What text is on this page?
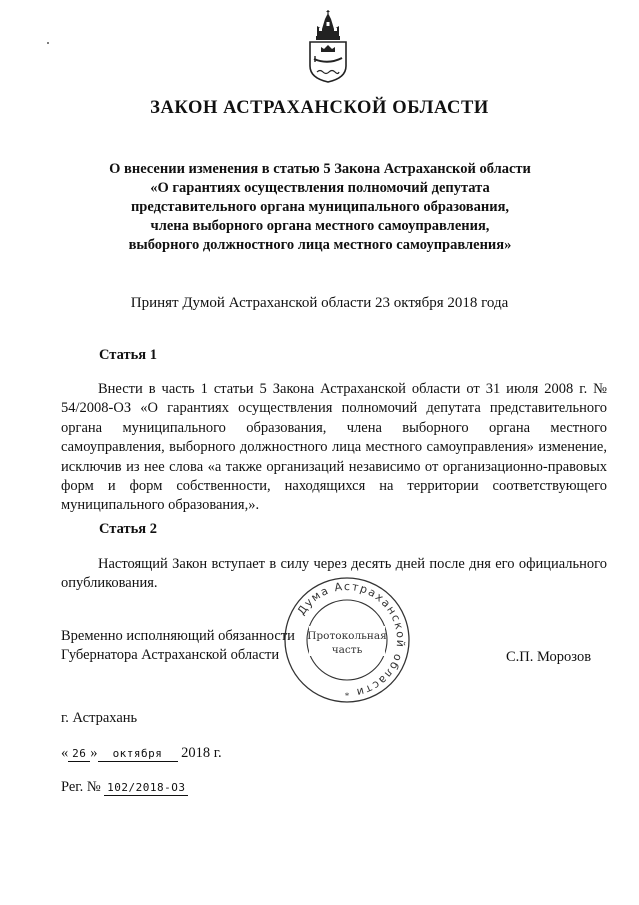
ЗАКОН АСТРАХАНСКОЙ ОБЛАСТИ
О внесении изменения в статью 5 Закона Астраханской области
«О гарантиях осуществления полномочий депутата
представительного органа муниципального образования,
члена выборного органа местного самоуправления,
выборного должностного лица местного самоуправления»
Принят Думой Астраханской области 23 октября 2018 года
Статья 1
Внести в часть 1 статьи 5 Закона Астраханской области от 31 июля 2008 г. № 54/2008-ОЗ «О гарантиях осуществления полномочий депутата представительного органа муниципального образования, члена выборного органа местного самоуправления, выборного должностного лица местного самоуправления» изменение, исключив из нее слова «а также организаций независимо от организационно-правовых форм и форм собственности, находящихся на территории соответствующего муниципального образования,».
Статья 2
Настоящий Закон вступает в силу через десять дней после дня его официального опубликования.
Временно исполняющий обязанности
Губернатора Астраханской области
Дума Астраханской области
Протокольная
часть
*
С.П. Морозов
г. Астрахань
« 26 » октября 2018 г.
Рег. № 102/2018-ОЗ
